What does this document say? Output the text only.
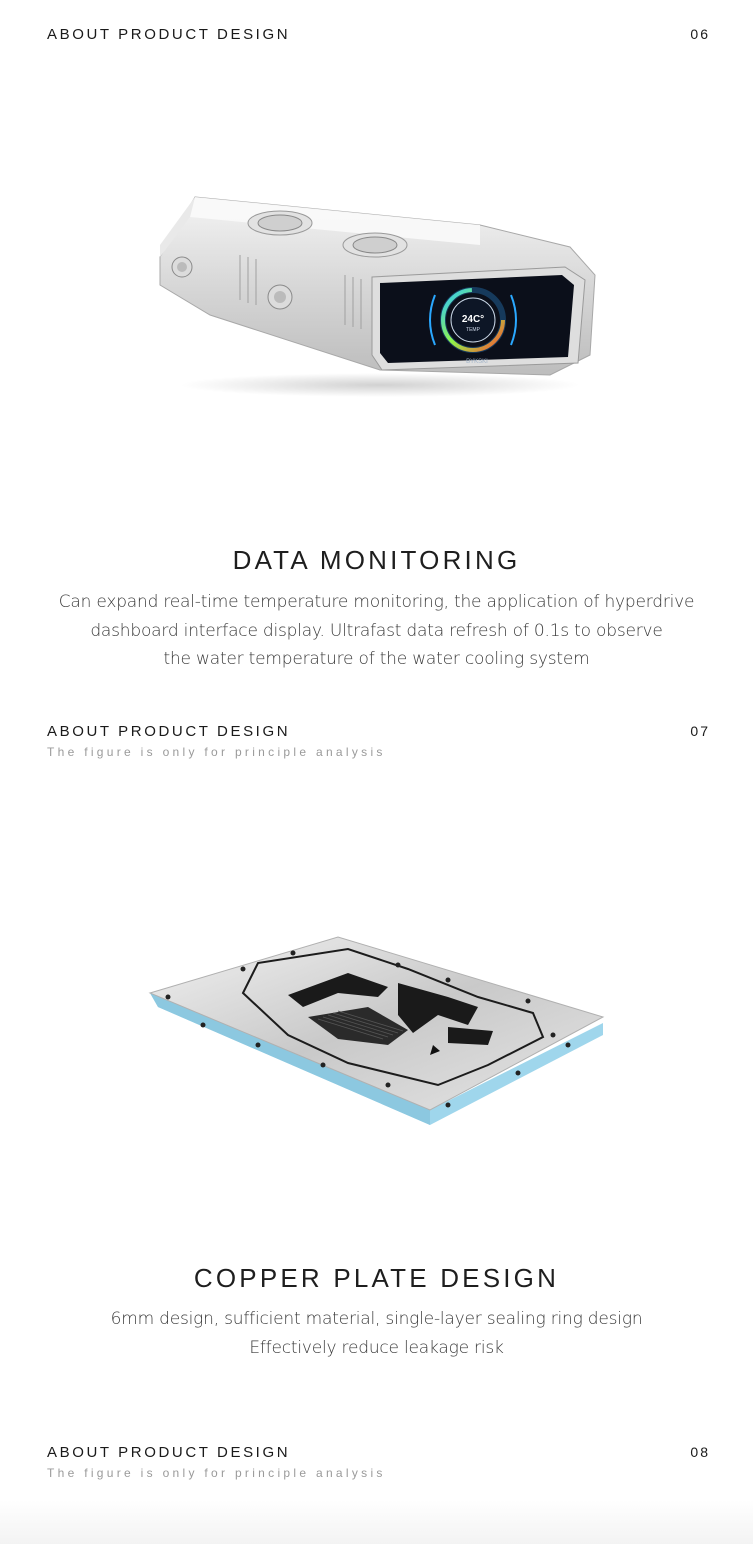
ABOUT PRODUCT DESIGN	06
24C°
TEMP
BYKSKI
DATA MONITORING
Can expand real-time temperature monitoring, the application of hyperdrive
dashboard interface display. Ultrafast data refresh of 0.1s to observe
the water temperature of the water cooling system
ABOUT PRODUCT DESIGN	07
The figure is only for principle analysis
COPPER PLATE DESIGN
6mm design, sufficient material, single-layer sealing ring design
Effectively reduce leakage risk
ABOUT PRODUCT DESIGN	08
The figure is only for principle analysis
